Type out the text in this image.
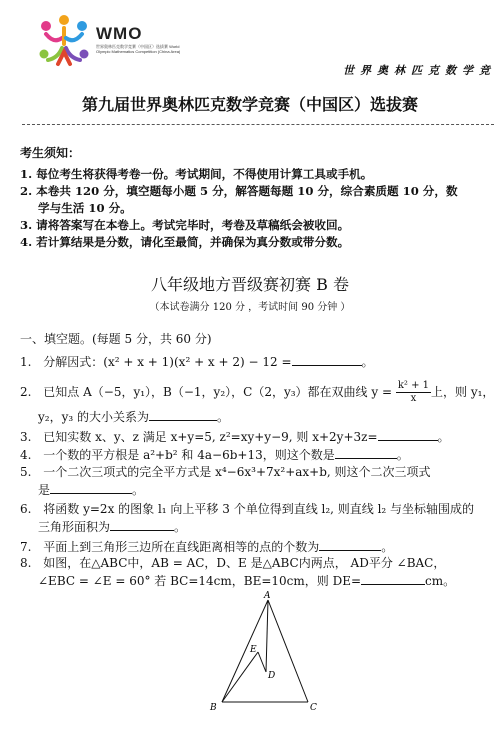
WMO
世界奥林匹克数学竞赛（中国区）选拔赛 World Olympic Mathematics Competition (China Area)
世界奥林匹克数学竞
第九届世界奥林匹克数学竞赛（中国区）选拔赛
考生须知：
1. 每位考生将获得考卷一份。考试期间，不得使用计算工具或手机。
2. 本卷共 120 分，填空题每小题 5 分，解答题每题 10 分，综合素质题 10 分，数
学与生活 10 分。
3. 请将答案写在本卷上。考试完毕时，考卷及草稿纸会被收回。
4. 若计算结果是分数，请化至最简，并确保为真分数或带分数。
八年级地方晋级赛初赛 B 卷
（本试卷满分 120 分 ，考试时间 90 分钟 ）
一、填空题。(每题 5 分，共 60 分)
1. 分解因式：(x² + x + 1)(x² + x + 2) − 12 =	。
2. 已知点 A（−5，y₁），B（−1，y₂），C（2，y₃）都在双曲线 $y = \frac{\text{k² + 1}}{x}$ 上，则 y₁，
y₂，y₃ 的大小关系为	。
3. 已知实数 x、y、z 满足 x+y=5, z²=xy+y−9, 则 x+2y+3z=	。
4. 一个数的平方根是 a²+b² 和 4a−6b+13，则这个数是	。
5. 一个二次三项式的完全平方式是 x⁴−6x³+7x²+ax+b, 则这个二次三项式
是	。
6. 将函数 y=2x 的图象 l₁ 向上平移 3 个单位得到直线 l₂, 则直线 l₂ 与坐标轴围成的
三角形面积为	。
7. 平面上到三角形三边所在直线距离相等的点的个数为	。
8. 如图，在△ABC中，AB = AC，D、E 是△ABC内两点， AD平分 ∠BAC，
∠EBC = ∠E = 60° 若 BC=14cm，BE=10cm，则 DE=	cm。
A
B	C
D
E
